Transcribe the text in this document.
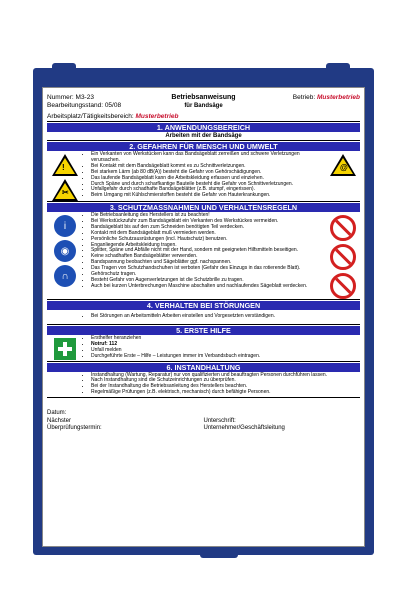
Nummer: M3-23
Bearbeitungsstand: 05/08
Betriebsanweisung
für Bandsäge
Betrieb: Musterbetrieb
Arbeitsplatz/Tätigkeitsbereich: Musterbetrieb
1. ANWENDUNGSBEREICH
Arbeiten mit der Bandsäge
2. GEFAHREN FÜR MENSCH UND UMWELT
!
✂
• Ein Verkanten von Werkstücken kann das Bandsägeblatt zerreißen und schwere Verletzungen verursachen.
• Bei Kontakt mit dem Bandsägeblatt kommt es zu Schnittverletzungen.
• Bei starkem Lärm (ab 80 dB(A)) besteht die Gefahr von Gehörschädigungen.
• Das laufende Bandsägeblatt kann die Arbeitskleidung erfassen und einziehen.
• Durch Späne und durch scharfkantige Bauteile besteht die Gefahr von Schnittverletzungen.
• Unfallgefahr durch schadhafte Bandsägeblätter (z.B. stumpf, eingerissen).
• Beim Umgang mit Kühlschmierstoffen besteht die Gefahr von Hauterkrankungen.
@
3. SCHUTZMASSNAHMEN UND VERHALTENSREGELN
i
◉
∩
• Die Betriebsanleitung des Herstellers ist zu beachten!
• Bei Werkstückzufuhr zum Bandsägeblatt ein Verkanten des Werkstückes vermeiden.
• Bandsägeblatt bis auf den zum Schneiden benötigten Teil verdecken.
• Kontakt mit dem Bandsägeblatt muß vermieden werden.
• Persönliche Schutzausrüstungen (incl. Hautschutz) benutzen.
• Enganliegende Arbeitskleidung tragen.
• Splitter, Späne und Abfälle nicht mit der Hand, sondern mit geeigneten Hilfsmitteln beseitigen.
• Keine schadhaften Bandsägeblätter verwenden.
• Bandspannung beobachten und Sägeblätter ggf. nachspannen.
• Das Tragen von Schutzhandschuhen ist verboten (Gefahr des Einzugs in das rotierende Blatt).
• Gehörschutz tragen.
• Besteht Gefahr von Augenverletzungen ist die Schutzbrille zu tragen.
• Auch bei kurzen Unterbrechungen Maschine abschalten und nachlaufendes Sägeblatt verdecken.
4. VERHALTEN BEI STÖRUNGEN
• Bei Störungen an Arbeitsmitteln Arbeiten einstellen und Vorgesetzten verständigen.
5. ERSTE HILFE
• Ersthelfer heranziehen
• Notruf: 112
• Unfall melden
• Durchgeführte Erste – Hilfe – Leistungen immer im Verbandsbuch eintragen.
6. INSTANDHALTUNG
• Instandhaltung (Wartung, Reparatur) nur von qualifizierten und beauftragten Personen durchführen lassen.
• Nach Instandhaltung sind die Schutzeinrichtungen zu überprüfen.
• Bei der Instandhaltung die Betriebsanleitung des Herstellers beachten.
• Regelmäßige Prüfungen (z.B. elektrisch, mechanisch) durch befähigte Personen.
Datum:
Nächster
Überprüfungstermin:
Unterschrift:
Unternehmer/Geschäftsleitung
